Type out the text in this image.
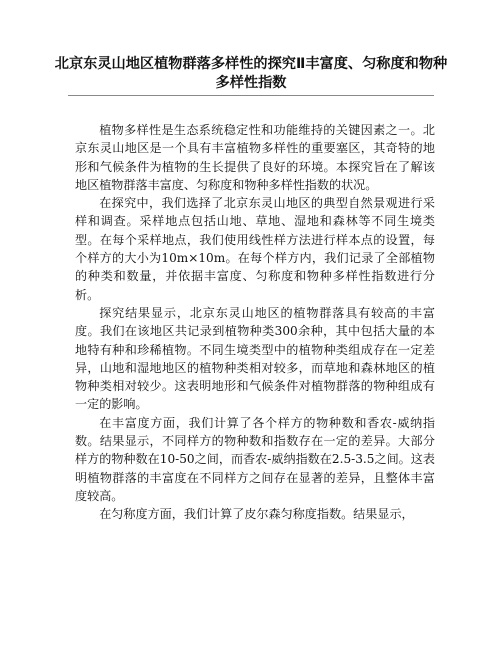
北京东灵山地区植物群落多样性的探究Ⅱ丰富度、匀称度和物种多样性指数

植物多样性是生态系统稳定性和功能维持的关键因素之一。北京东灵山地区是一个具有丰富植物多样性的重要塞区，其奇特的地形和气候条件为植物的生长提供了良好的环境。本探究旨在了解该地区植物群落丰富度、匀称度和物种多样性指数的状况。

在探究中，我们选择了北京东灵山地区的典型自然景观进行采样和调查。采样地点包括山地、草地、湿地和森林等不同生境类型。在每个采样地点，我们使用线性样方法进行样本点的设置，每个样方的大小为10m×10m。在每个样方内，我们记录了全部植物的种类和数量，并依据丰富度、匀称度和物种多样性指数进行分析。

探究结果显示，北京东灵山地区的植物群落具有较高的丰富度。我们在该地区共记录到植物种类300余种，其中包括大量的本地特有种和珍稀植物。不同生境类型中的植物种类组成存在一定差异，山地和湿地地区的植物种类相对较多，而草地和森林地区的植物种类相对较少。这表明地形和气候条件对植物群落的物种组成有一定的影响。

在丰富度方面，我们计算了各个样方的物种数和香农-威纳指数。结果显示，不同样方的物种数和指数存在一定的差异。大部分样方的物种数在10-50之间，而香农-威纳指数在2.5-3.5之间。这表明植物群落的丰富度在不同样方之间存在显著的差异，且整体丰富度较高。

在匀称度方面，我们计算了皮尔森匀称度指数。结果显示，
